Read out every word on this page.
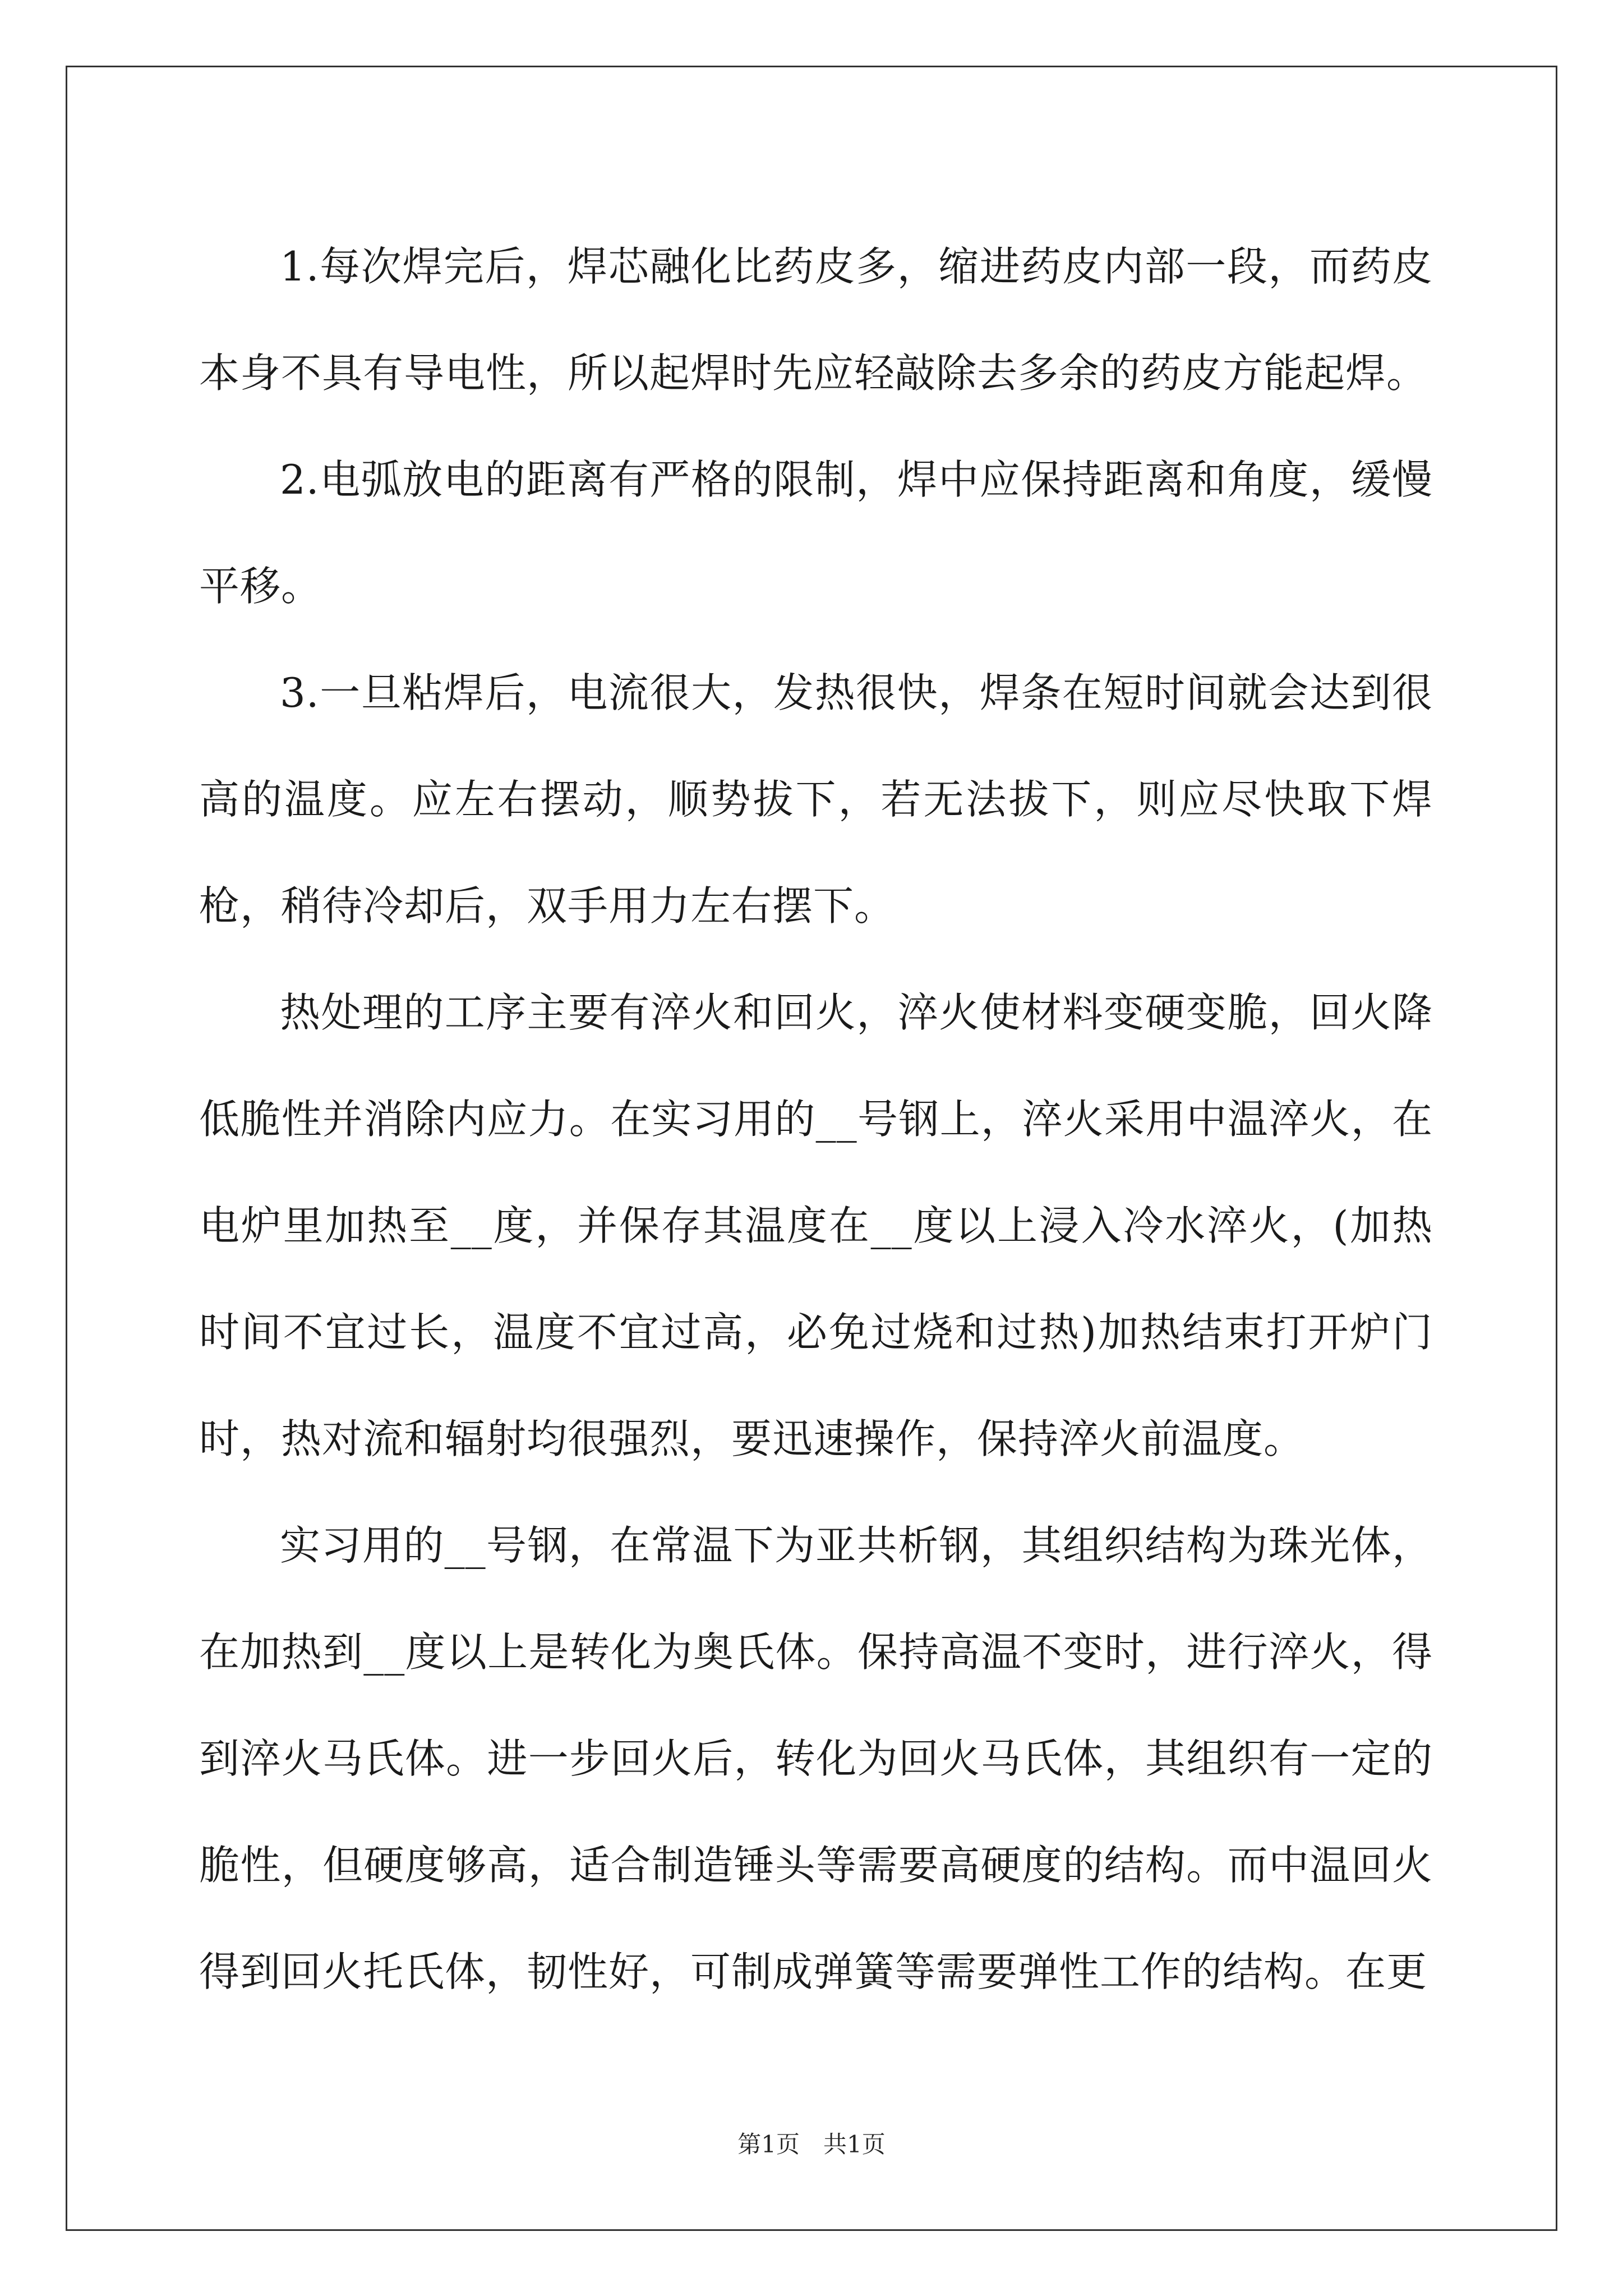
1.每次焊完后，焊芯融化比药皮多，缩进药皮内部一段，而药皮本身不具有导电性，所以起焊时先应轻敲除去多余的药皮方能起焊。

2.电弧放电的距离有严格的限制，焊中应保持距离和角度，缓慢平移。

3.一旦粘焊后，电流很大，发热很快，焊条在短时间就会达到很高的温度。应左右摆动，顺势拔下，若无法拔下，则应尽快取下焊枪，稍待冷却后，双手用力左右摆下。

热处理的工序主要有淬火和回火，淬火使材料变硬变脆，回火降低脆性并消除内应力。在实习用的__号钢上，淬火采用中温淬火，在电炉里加热至__度，并保存其温度在__度以上浸入冷水淬火，(加热时间不宜过长，温度不宜过高，必免过烧和过热)加热结束打开炉门时，热对流和辐射均很强烈，要迅速操作，保持淬火前温度。

实习用的__号钢，在常温下为亚共析钢，其组织结构为珠光体，在加热到__度以上是转化为奥氏体。保持高温不变时，进行淬火，得到淬火马氏体。进一步回火后，转化为回火马氏体，其组织有一定的脆性，但硬度够高，适合制造锤头等需要高硬度的结构。而中温回火得到回火托氏体，韧性好，可制成弹簧等需要弹性工作的结构。在更

第1页　共1页
